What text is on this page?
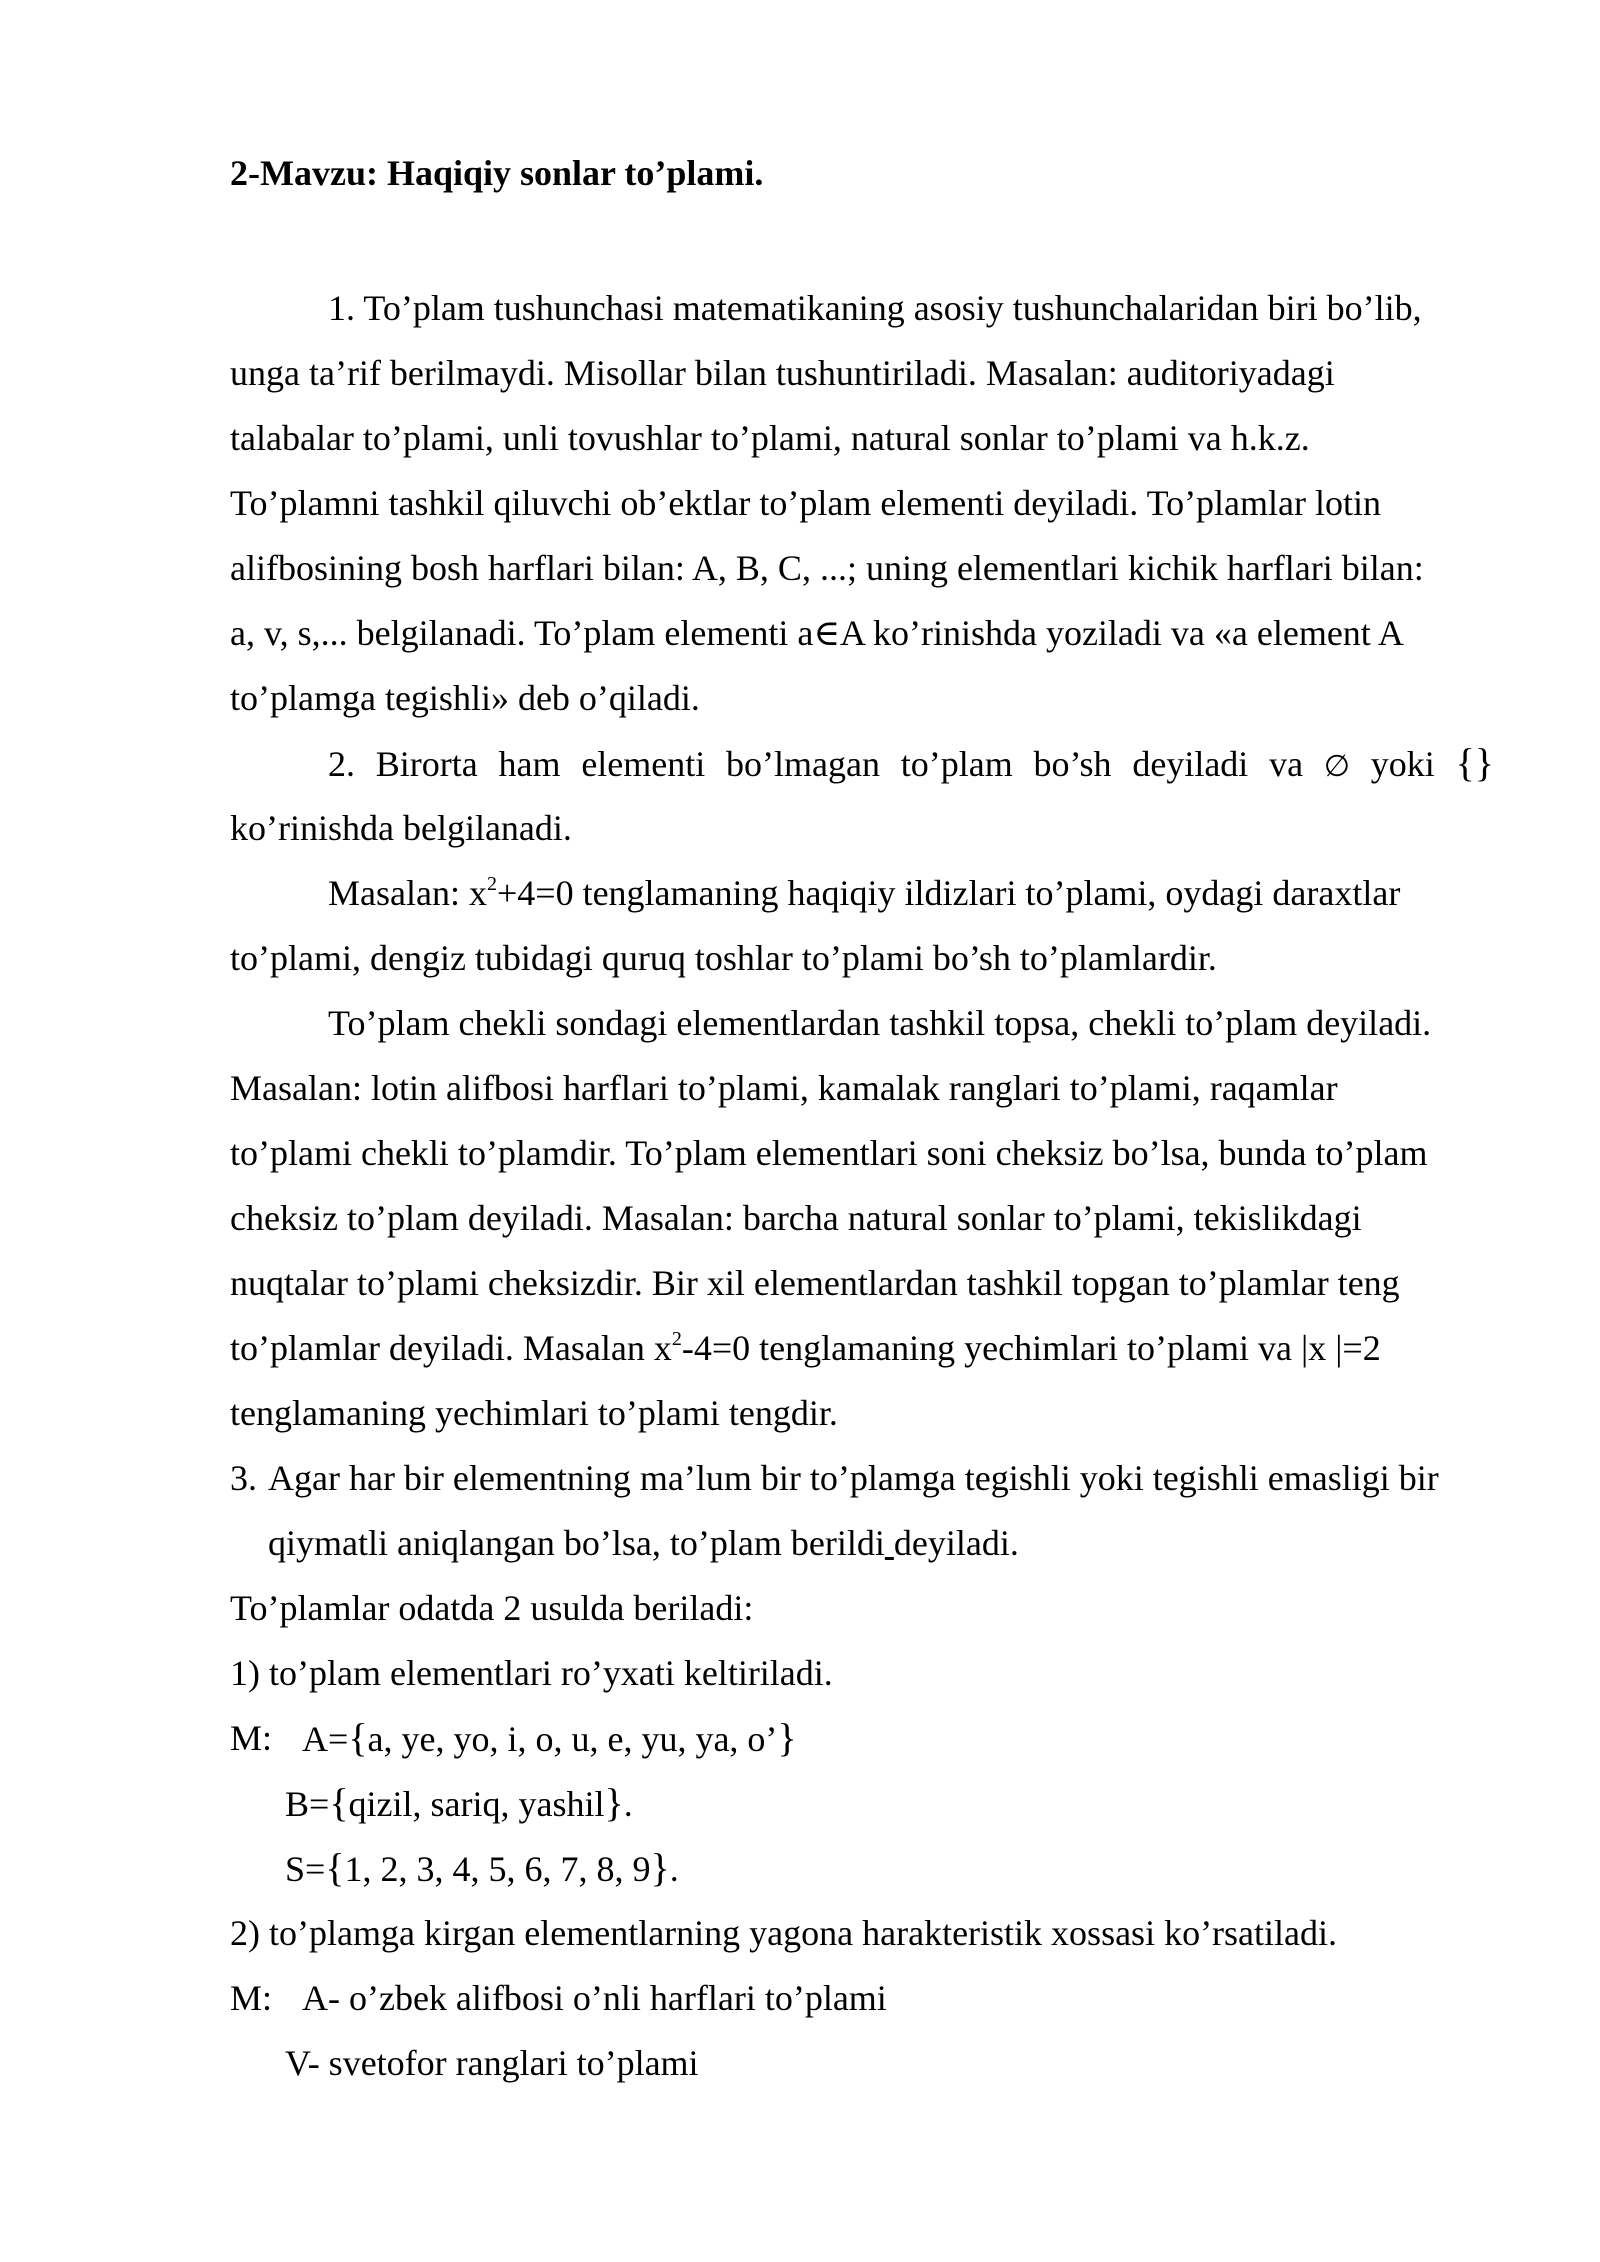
2-Mavzu: Haqiqiy sonlar to’plami.
1. To’plam tushunchasi matematikaning asosiy tushunchalaridan biri bo’lib,
unga ta’rif berilmaydi. Misollar bilan tushuntiriladi. Masalan: auditoriyadagi
talabalar to’plami, unli tovushlar to’plami, natural sonlar to’plami va h.k.z.
To’plamni tashkil qiluvchi ob’ektlar to’plam elementi deyiladi. To’plamlar lotin
alifbosining bosh harflari bilan: A, B, C, ...; uning elementlari kichik harflari bilan:
a, v, s,... belgilanadi. To’plam elementi a∈A ko’rinishda yoziladi va «a element A
to’plamga tegishli» deb o’qiladi.
2. Birorta ham elementi bo’lmagan to’plam bo’sh deyiladi va ∅ yoki {}
ko’rinishda belgilanadi.
Masalan: $x^2+4=0$ tenglamaning haqiqiy ildizlari to’plami, oydagi daraxtlar
to’plami, dengiz tubidagi quruq toshlar to’plami bo’sh to’plamlardir.
To’plam chekli sondagi elementlardan tashkil topsa, chekli to’plam deyiladi.
Masalan: lotin alifbosi harflari to’plami, kamalak ranglari to’plami, raqamlar
to’plami chekli to’plamdir. To’plam elementlari soni cheksiz bo’lsa, bunda to’plam
cheksiz to’plam deyiladi. Masalan: barcha natural sonlar to’plami, tekislikdagi
nuqtalar to’plami cheksizdir. Bir xil elementlardan tashkil topgan to’plamlar teng
to’plamlar deyiladi. Masalan $x^2-4=0$ tenglamaning yechimlari to’plami va |x |=2
tenglamaning yechimlari to’plami tengdir.
3. Agar har bir elementning ma’lum bir to’plamga tegishli yoki tegishli emasligi bir
qiymatli aniqlangan bo’lsa, to’plam berildi deyiladi.
To’plamlar odatda 2 usulda beriladi:
1) to’plam elementlari ro’yxati keltiriladi.
M: A={a, ye, yo, i, o, u, e, yu, ya, o’}
B={qizil, sariq, yashil}.
S={1, 2, 3, 4, 5, 6, 7, 8, 9}.
2) to’plamga kirgan elementlarning yagona harakteristik xossasi ko’rsatiladi.
M: A- o’zbek alifbosi o’nli harflari to’plami
V- svetofor ranglari to’plami
